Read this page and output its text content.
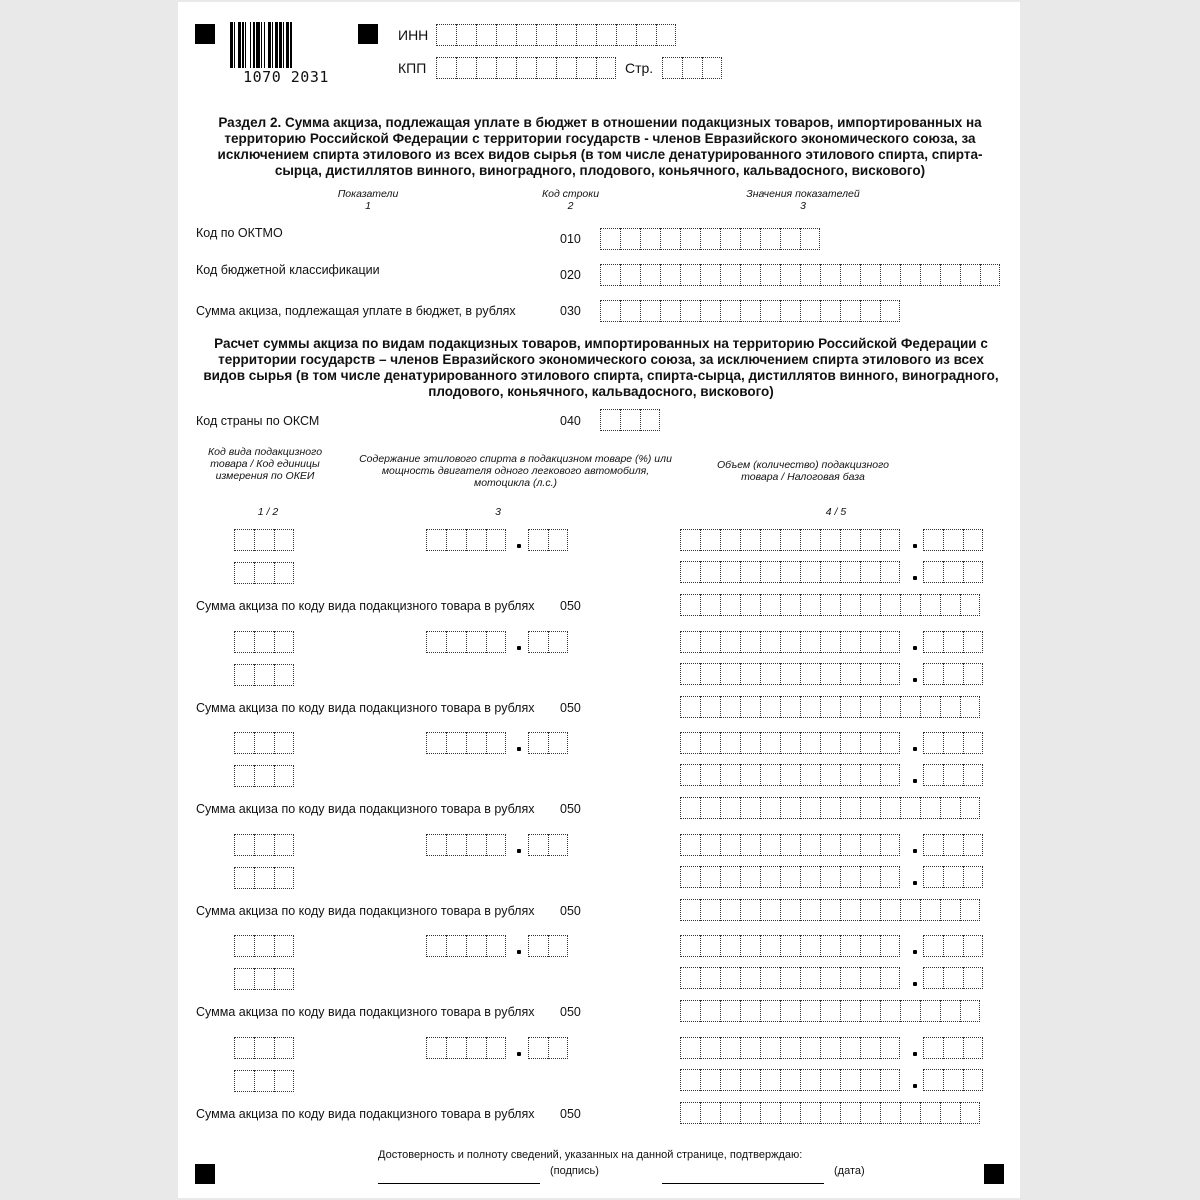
1070 2031
ИНН
КПП	Стр.
Раздел 2. Сумма акциза, подлежащая уплате в бюджет в отношении подакцизных товаров, импортированных на территорию Российской Федерации с территории государств - членов Евразийского экономического союза, за исключением спирта этилового из всех видов сырья (в том числе денатурированного этилового спирта, спирта-сырца, дистиллятов винного, виноградного, плодового, коньячного, кальвадосного, вискового)
Показатели
1
Код строки
2
Значения показателей
3
Код по ОКТМО	010
Код бюджетной классификации	020
Сумма акциза, подлежащая уплате в бюджет, в рублях	030
Расчет суммы акциза по видам подакцизных товаров, импортированных на территорию Российской Федерации с территории государств – членов Евразийского экономического союза, за исключением спирта этилового из всех видов сырья (в том числе денатурированного этилового спирта, спирта-сырца, дистиллятов винного, виноградного, плодового, коньячного, кальвадосного, вискового)
Код страны по ОКСМ	040
Код вида подакцизного товара / Код единицы измерения по ОКЕИ
Содержание этилового спирта в подакцизном товаре (%) или мощность двигателя одного легкового автомобиля, мотоцикла (л.с.)
Объем (количество) подакцизного товара / Налоговая база
1 / 2	3	4 / 5
Сумма акциза по коду вида подакцизного товара в рублях 050
Сумма акциза по коду вида подакцизного товара в рублях 050
Сумма акциза по коду вида подакцизного товара в рублях 050
Сумма акциза по коду вида подакцизного товара в рублях 050
Сумма акциза по коду вида подакцизного товара в рублях 050
Сумма акциза по коду вида подакцизного товара в рублях 050
Достоверность и полноту сведений, указанных на данной странице, подтверждаю:
(подпись)	(дата)
